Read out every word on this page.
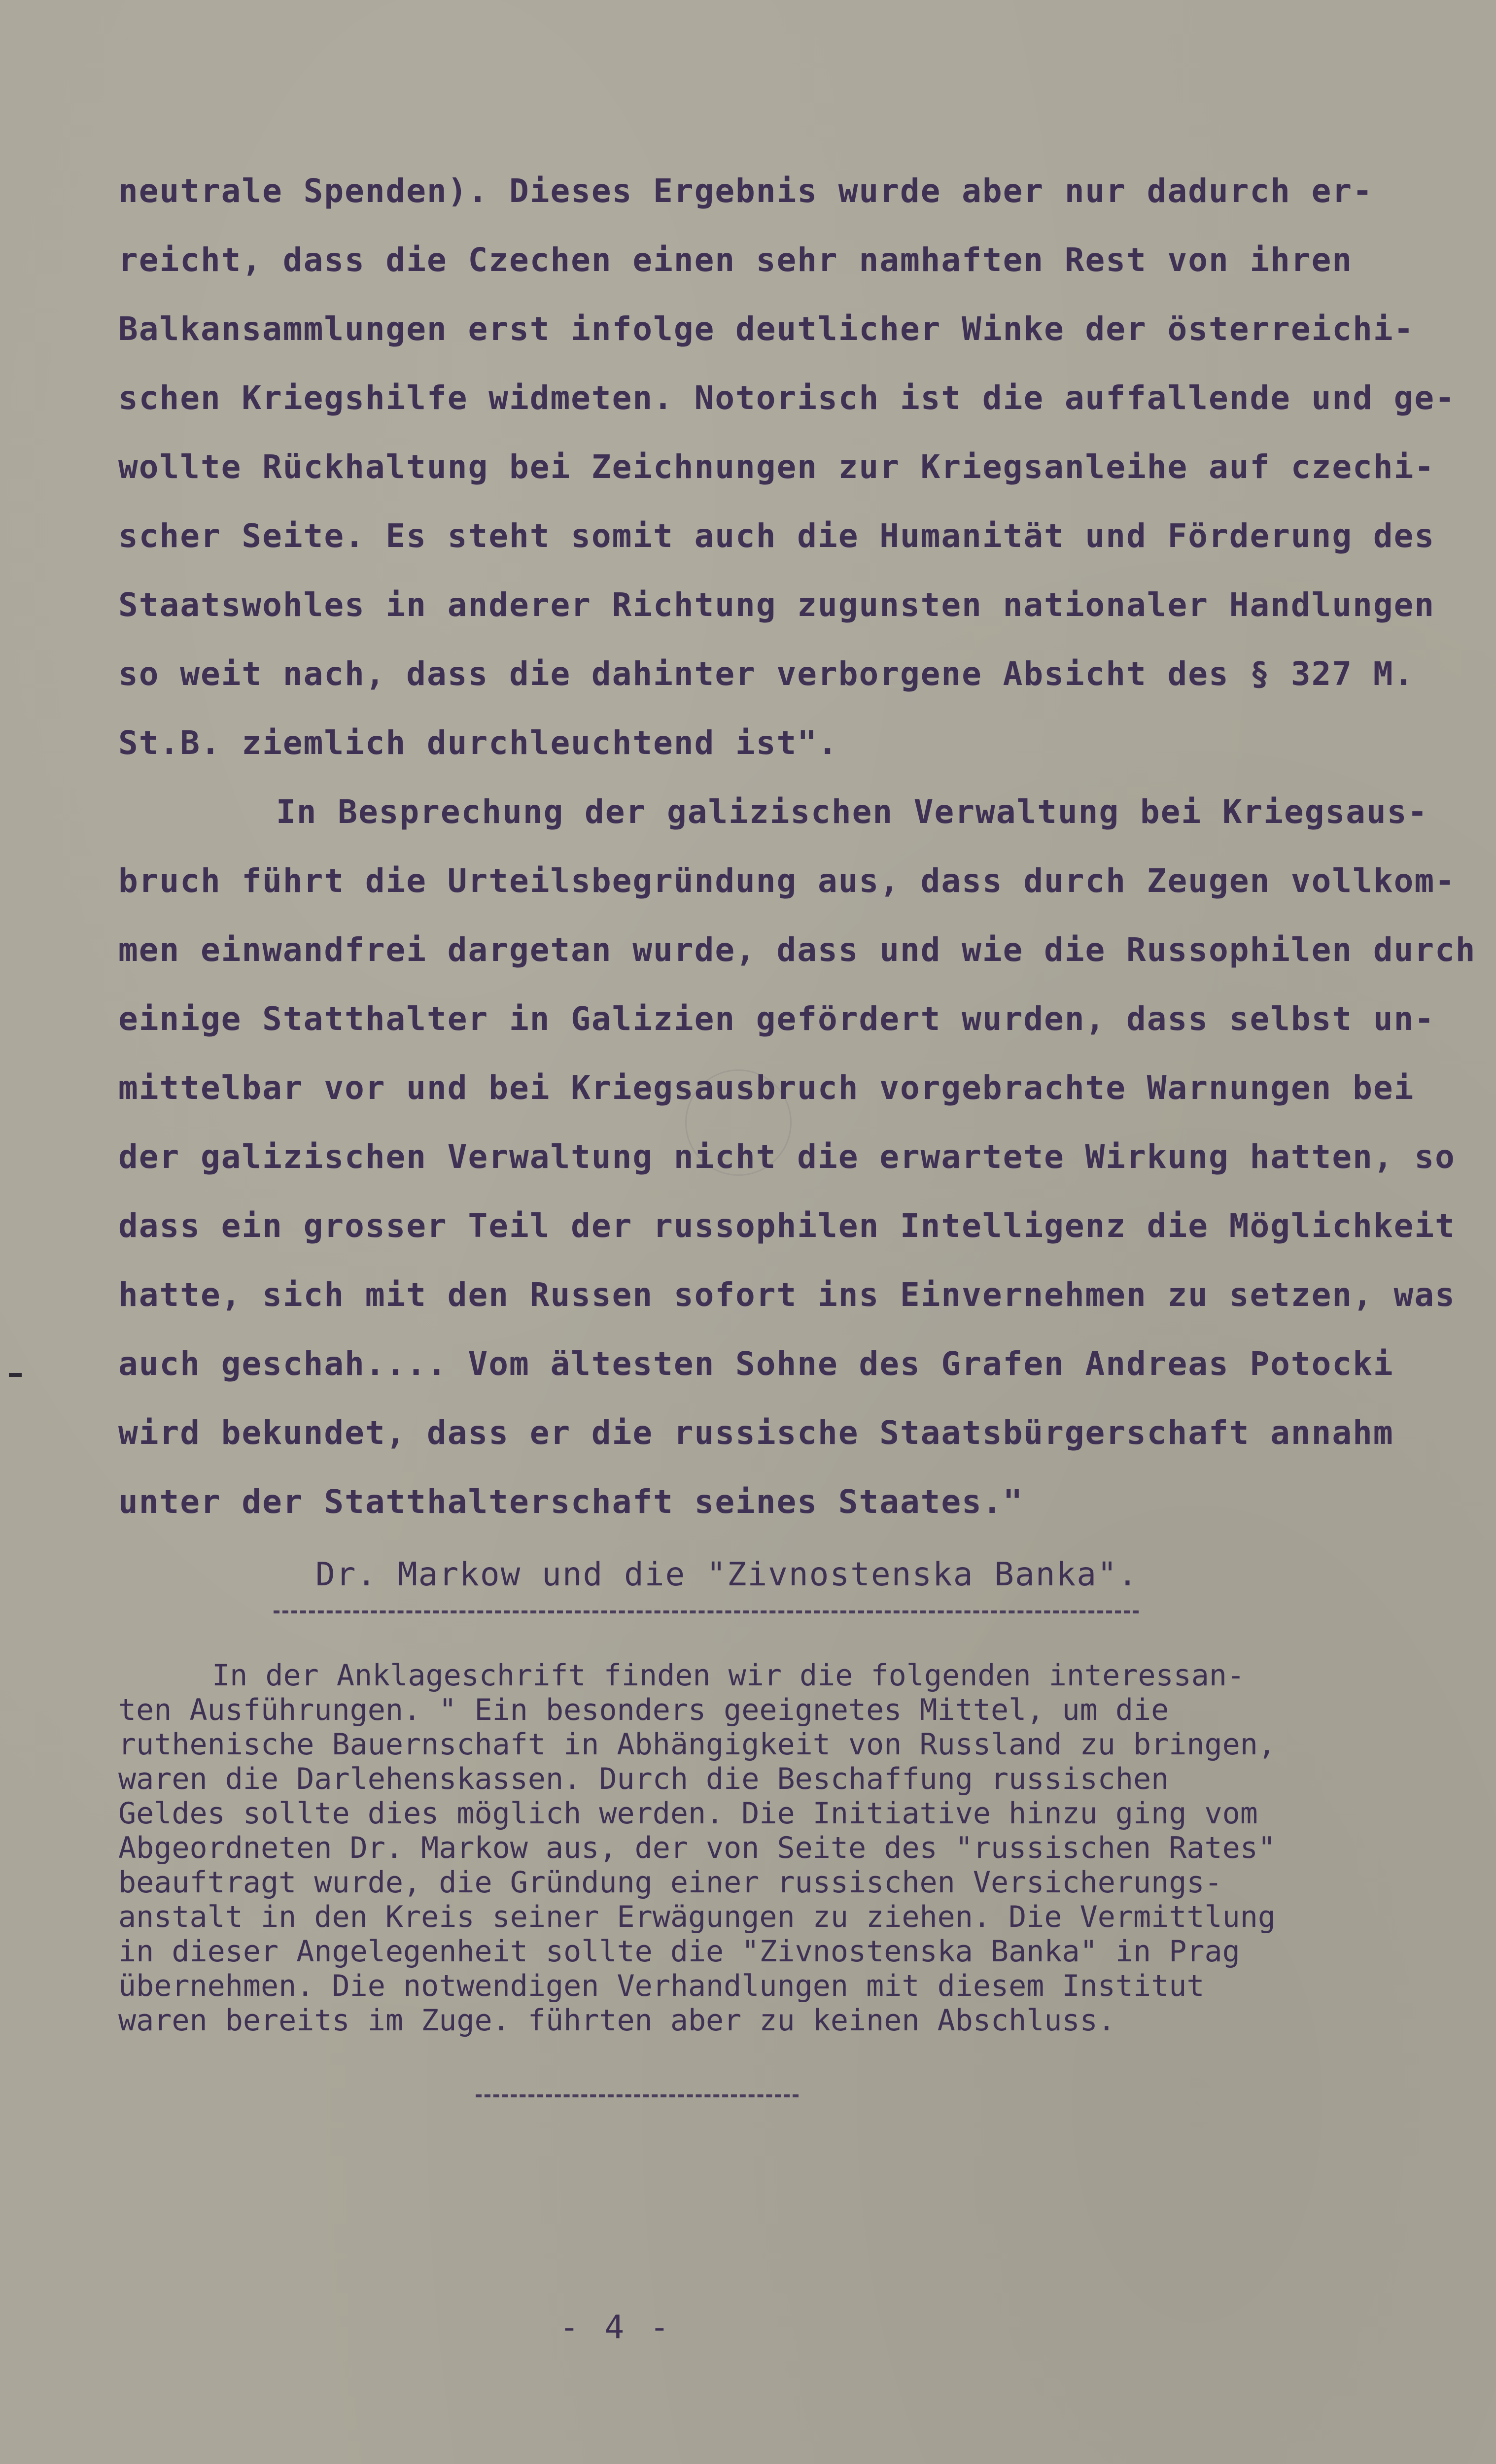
neutrale Spenden). Dieses Ergebnis wurde aber nur dadurch er-
reicht, dass die Czechen einen sehr namhaften Rest von ihren
Balkansammlungen erst infolge deutlicher Winke der österreichi-
schen Kriegshilfe widmeten. Notorisch ist die auffallende und ge-
wollte Rückhaltung bei Zeichnungen zur Kriegsanleihe auf czechi-
scher Seite. Es steht somit auch die Humanität und Förderung des
Staatswohles in anderer Richtung zugunsten nationaler Handlungen
so weit nach, dass die dahinter verborgene Absicht des § 327 M.
St.B. ziemlich durchleuchtend ist".
In Besprechung der galizischen Verwaltung bei Kriegsaus-
bruch führt die Urteilsbegründung aus, dass durch Zeugen vollkom-
men einwandfrei dargetan wurde, dass und wie die Russophilen durch
einige Statthalter in Galizien gefördert wurden, dass selbst un-
mittelbar vor und bei Kriegsausbruch vorgebrachte Warnungen bei
der galizischen Verwaltung nicht die erwartete Wirkung hatten, so
dass ein grosser Teil der russophilen Intelligenz die Möglichkeit
hatte, sich mit den Russen sofort ins Einvernehmen zu setzen, was
auch geschah.... Vom ältesten Sohne des Grafen Andreas Potocki
wird bekundet, dass er die russische Staatsbürgerschaft annahm
unter der Statthalterschaft seines Staates."
Dr. Markow und die "Zivnostenska Banka".
In der Anklageschrift finden wir die folgenden interessan-
ten Ausführungen. " Ein besonders geeignetes Mittel, um die
ruthenische Bauernschaft in Abhängigkeit von Russland zu bringen,
waren die Darlehenskassen. Durch die Beschaffung russischen
Geldes sollte dies möglich werden. Die Initiative hinzu ging vom
Abgeordneten Dr. Markow aus, der von Seite des "russischen Rates"
beauftragt wurde, die Gründung einer russischen Versicherungs-
anstalt in den Kreis seiner Erwägungen zu ziehen. Die Vermittlung
in dieser Angelegenheit sollte die "Zivnostenska Banka" in Prag
übernehmen. Die notwendigen Verhandlungen mit diesem Institut
waren bereits im Zuge. führten aber zu keinen Abschluss.
- 4 -
